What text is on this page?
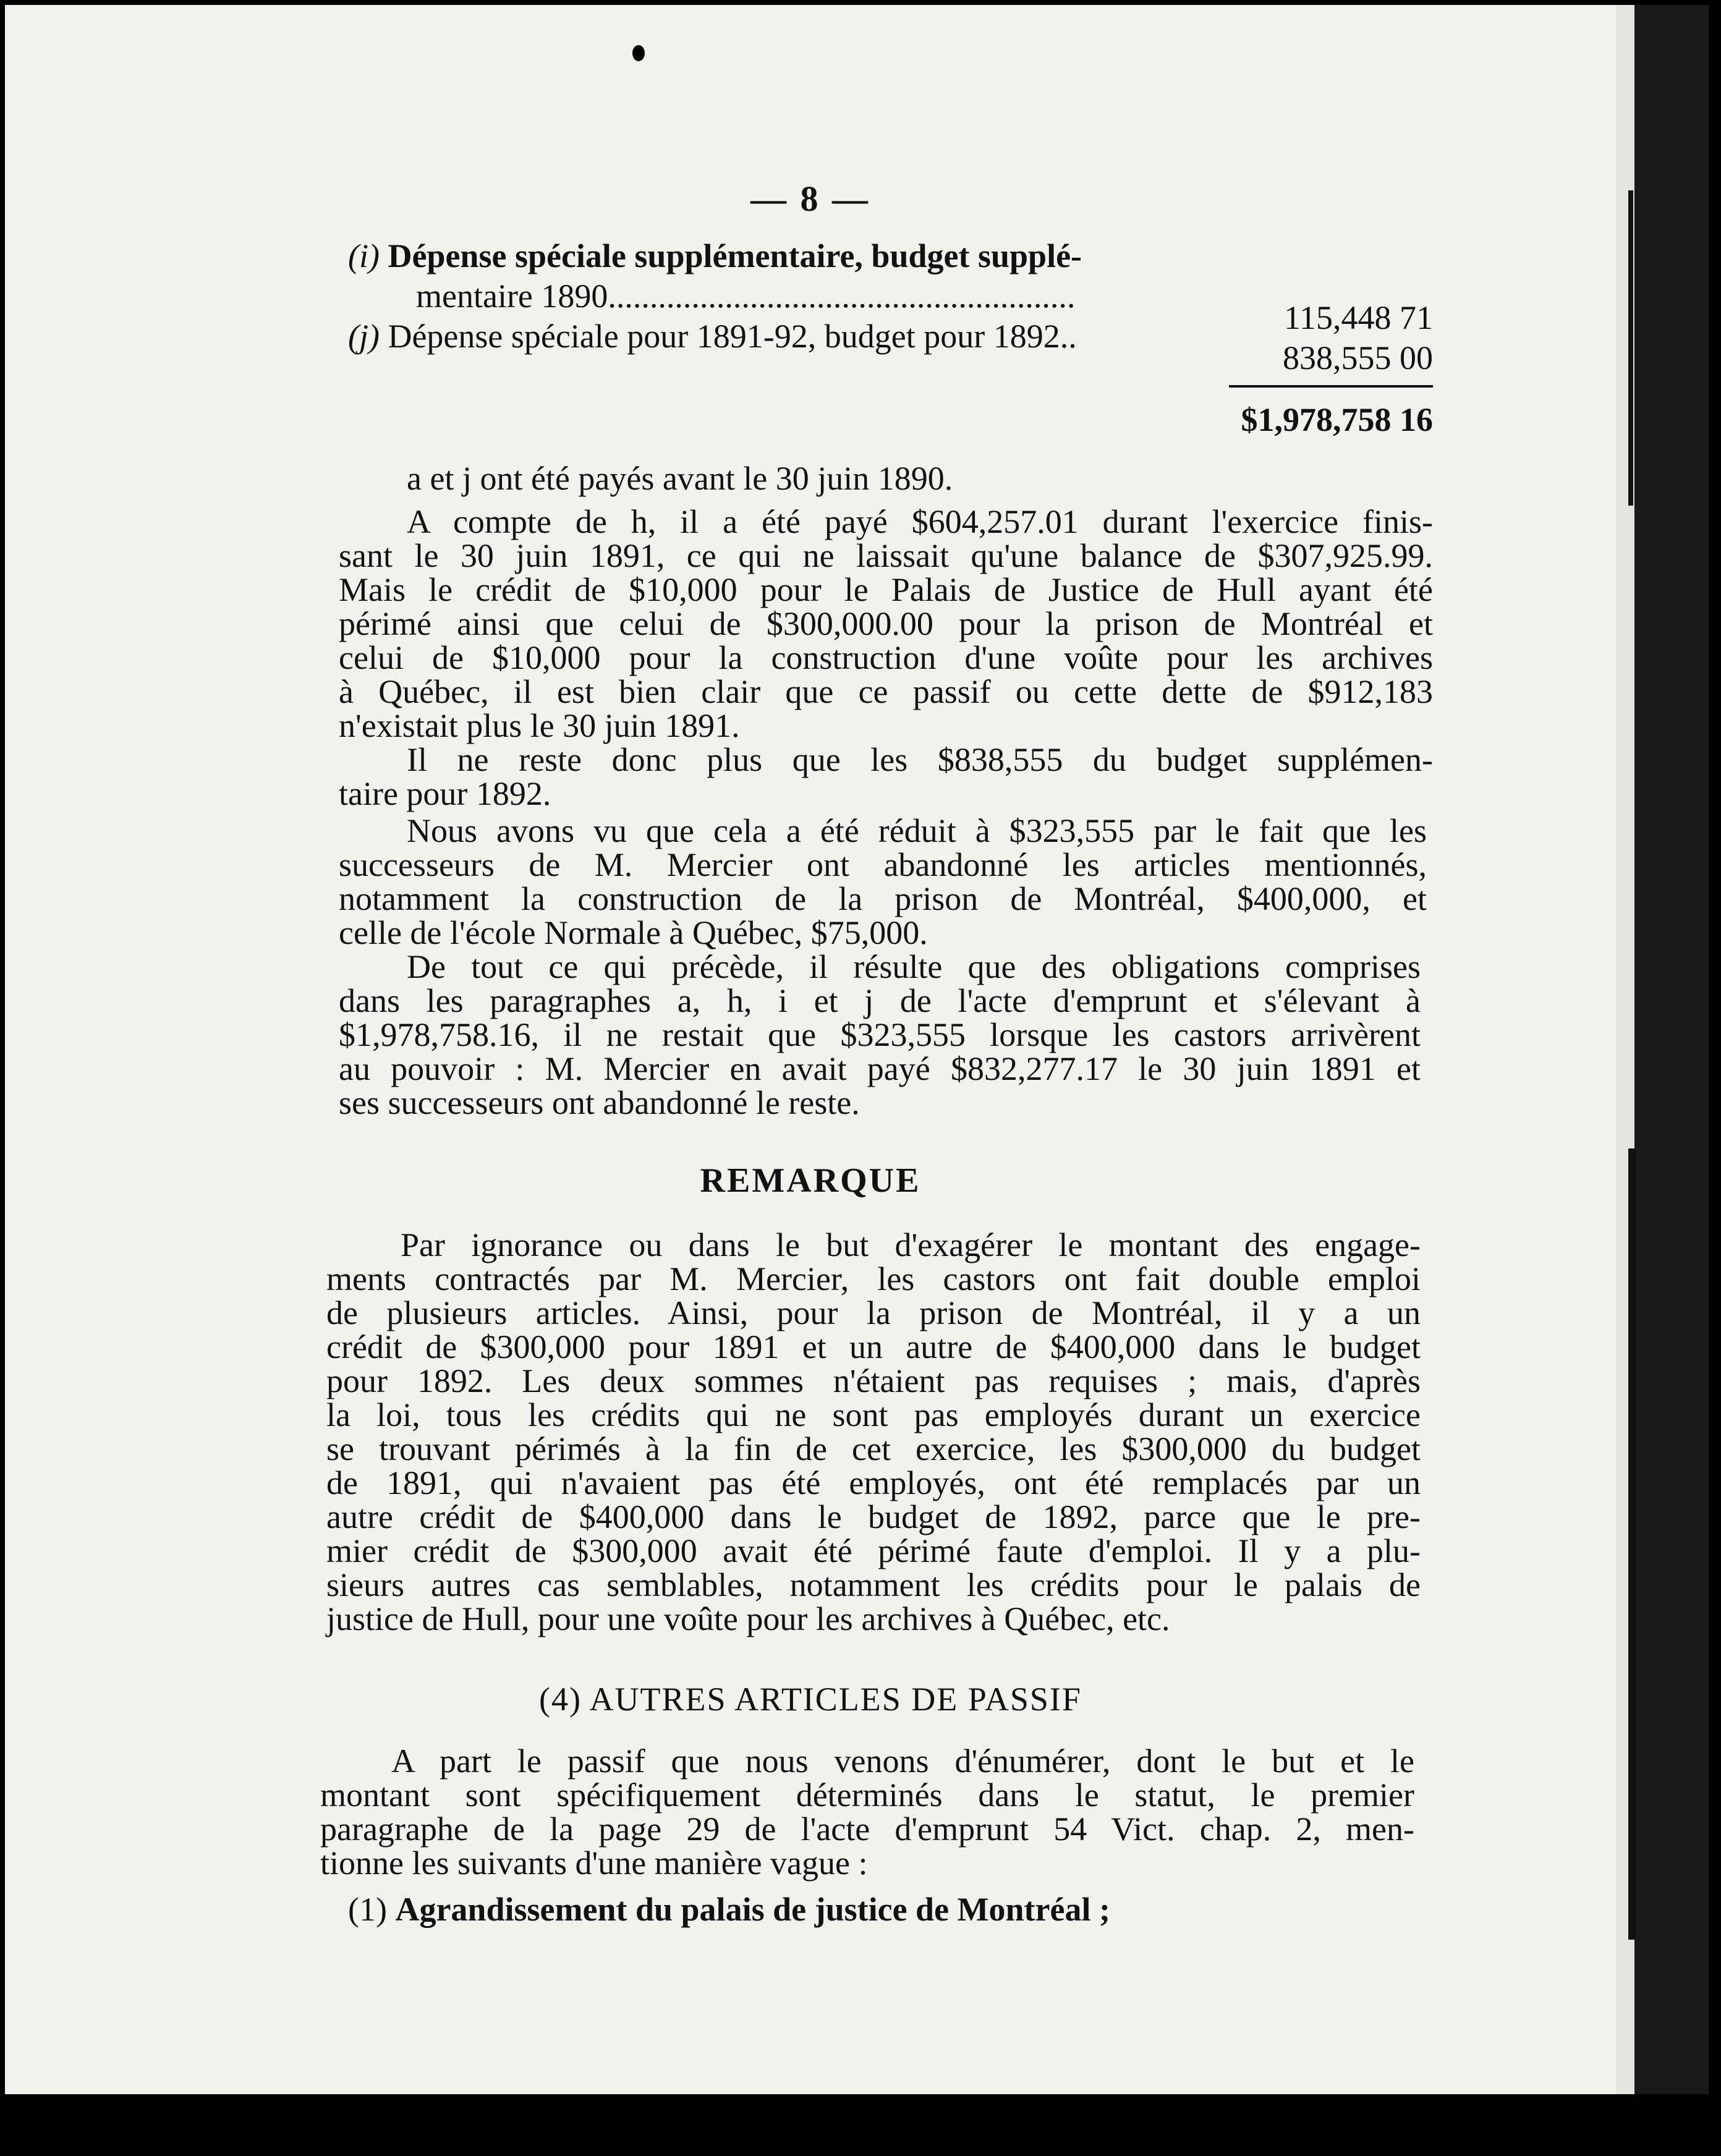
— 8 —
(i) Dépense spéciale supplémentaire, budget supplé-
mentaire 1890........................................................
115,448 71
(j) Dépense spéciale pour 1891-92, budget pour 1892..
838,555 00
$1,978,758 16
a et j ont été payés avant le 30 juin 1890.
A compte de h, il a été payé $604,257.01 durant l'exercice finis-
sant le 30 juin 1891, ce qui ne laissait qu'une balance de $307,925.99.
Mais le crédit de $10,000 pour le Palais de Justice de Hull ayant été
périmé ainsi que celui de $300,000.00 pour la prison de Montréal et
celui de $10,000 pour la construction d'une voûte pour les archives
à Québec, il est bien clair que ce passif ou cette dette de $912,183
n'existait plus le 30 juin 1891.
Il ne reste donc plus que les $838,555 du budget supplémen-
taire pour 1892.
Nous avons vu que cela a été réduit à $323,555 par le fait que les
successeurs de M. Mercier ont abandonné les articles mentionnés,
notamment la construction de la prison de Montréal, $400,000, et
celle de l'école Normale à Québec, $75,000.
De tout ce qui précède, il résulte que des obligations comprises
dans les paragraphes a, h, i et j de l'acte d'emprunt et s'élevant à
$1,978,758.16, il ne restait que $323,555 lorsque les castors arrivèrent
au pouvoir : M. Mercier en avait payé $832,277.17 le 30 juin 1891 et
ses successeurs ont abandonné le reste.
REMARQUE
Par ignorance ou dans le but d'exagérer le montant des engage-
ments contractés par M. Mercier, les castors ont fait double emploi
de plusieurs articles. Ainsi, pour la prison de Montréal, il y a un
crédit de $300,000 pour 1891 et un autre de $400,000 dans le budget
pour 1892. Les deux sommes n'étaient pas requises ; mais, d'après
la loi, tous les crédits qui ne sont pas employés durant un exercice
se trouvant périmés à la fin de cet exercice, les $300,000 du budget
de 1891, qui n'avaient pas été employés, ont été remplacés par un
autre crédit de $400,000 dans le budget de 1892, parce que le pre-
mier crédit de $300,000 avait été périmé faute d'emploi. Il y a plu-
sieurs autres cas semblables, notamment les crédits pour le palais de
justice de Hull, pour une voûte pour les archives à Québec, etc.
(4) AUTRES ARTICLES DE PASSIF
A part le passif que nous venons d'énumérer, dont le but et le
montant sont spécifiquement déterminés dans le statut, le premier
paragraphe de la page 29 de l'acte d'emprunt 54 Vict. chap. 2, men-
tionne les suivants d'une manière vague :
(1) Agrandissement du palais de justice de Montréal ;
